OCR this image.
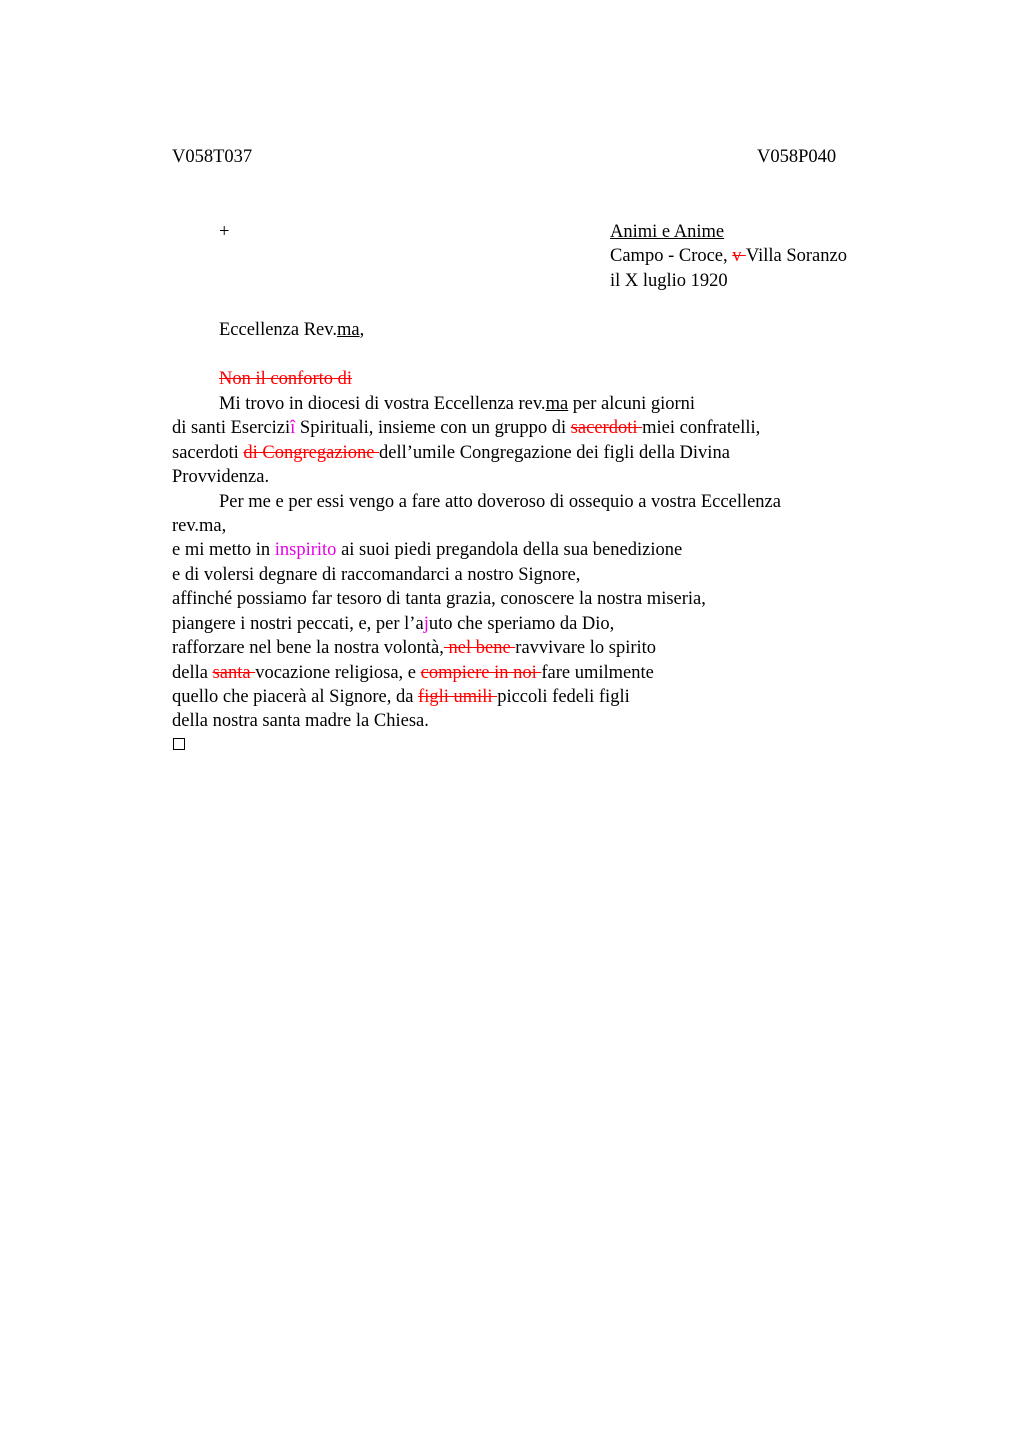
V058T037	V058P040
+	Animi e Anime
Campo - Croce, v Villa Soranzo
il X luglio 1920
Eccellenza Rev.ma,
Non il conforto di
Mi trovo in diocesi di vostra Eccellenza rev.ma per alcuni giorni
di santi Eserciziî Spirituali, insieme con un gruppo di sacerdoti miei confratelli,
sacerdoti di Congregazione dell’umile Congregazione dei figli della Divina
Provvidenza.
Per me e per essi vengo a fare atto doveroso di ossequio a vostra Eccellenza
rev.ma,
e mi metto in inspirito ai suoi piedi pregandola della sua benedizione
e di volersi degnare di raccomandarci a nostro Signore,
affinché possiamo far tesoro di tanta grazia, conoscere la nostra miseria,
piangere i nostri peccati, e, per l’ajuto che speriamo da Dio,
rafforzare nel bene la nostra volontà, nel bene ravvivare lo spirito
della santa vocazione religiosa, e compiere in noi fare umilmente
quello che piacerà al Signore, da figli umili piccoli fedeli figli
della nostra santa madre la Chiesa.
